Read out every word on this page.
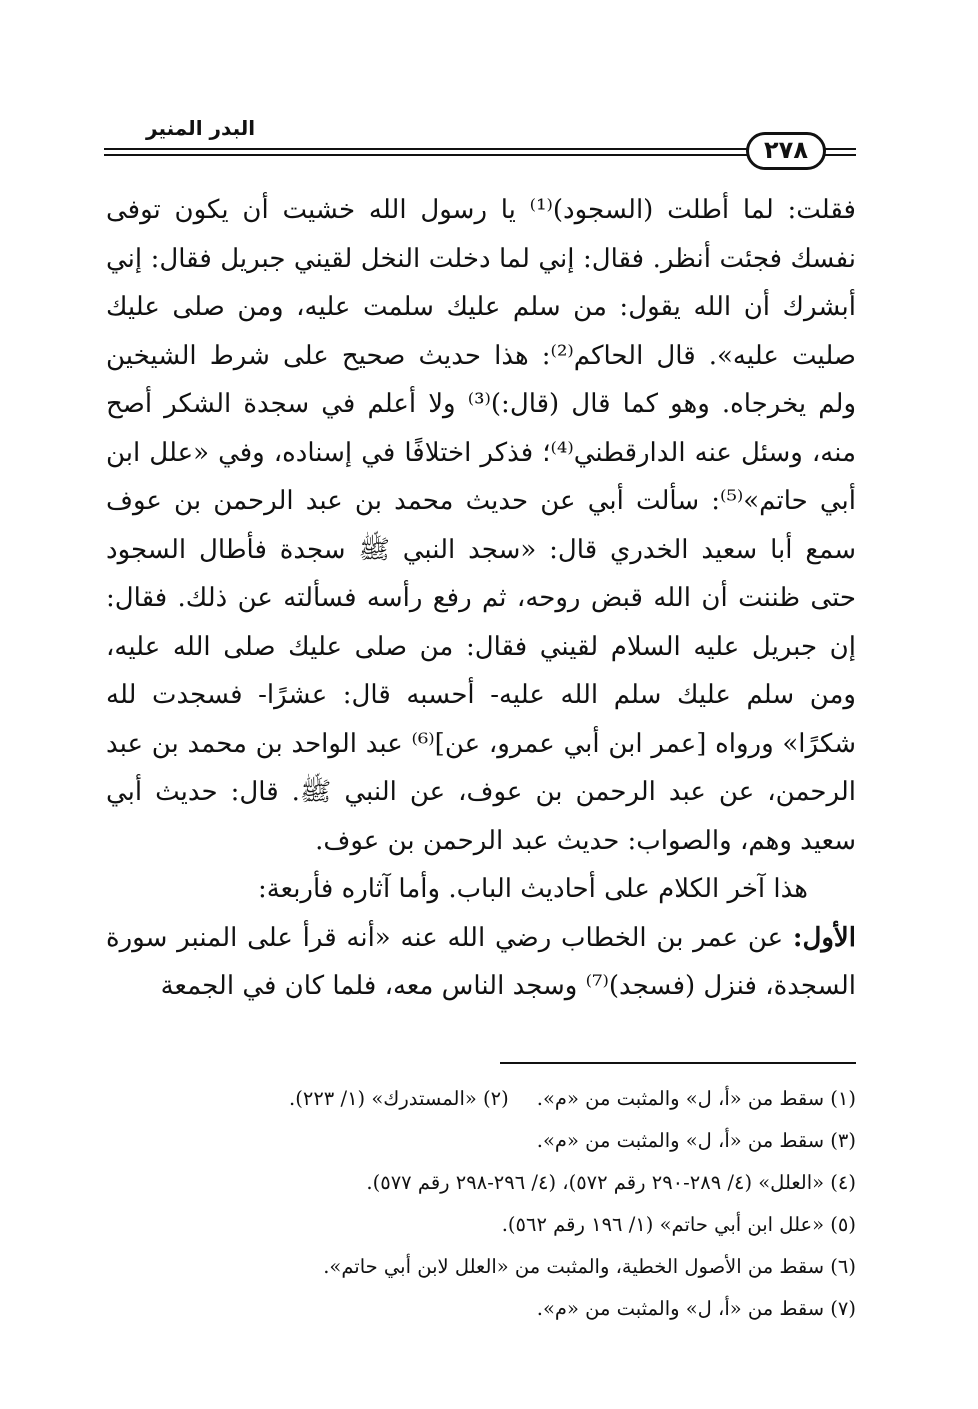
البدر المنير
٢٧٨

فقلت: لما أطلت (السجود)⁽¹⁾ يا رسول الله خشيت أن يكون توفى نفسك فجئت أنظر. فقال: إني لما دخلت النخل لقيني جبريل فقال: إني أبشرك أن الله يقول: من سلم عليك سلمت عليه، ومن صلى عليك صليت عليه». قال الحاكم⁽²⁾: هذا حديث صحيح على شرط الشيخين ولم يخرجاه. وهو كما قال (قال:)⁽³⁾ ولا أعلم في سجدة الشكر أصح منه، وسئل عنه الدارقطني⁽⁴⁾؛ فذكر اختلافًا في إسناده، وفي «علل ابن أبي حاتم»⁽⁵⁾: سألت أبي عن حديث محمد بن عبد الرحمن بن عوف سمع أبا سعيد الخدري قال: «سجد النبي ﷺ سجدة فأطال السجود حتى ظننت أن الله قبض روحه، ثم رفع رأسه فسألته عن ذلك. فقال: إن جبريل عليه السلام لقيني فقال: من صلى عليك صلى الله عليه، ومن سلم عليك سلم الله عليه- أحسبه قال: عشرًا- فسجدت لله شكرًا» ورواه [عمر ابن أبي عمرو، عن]⁽⁶⁾ عبد الواحد بن محمد بن عبد الرحمن، عن عبد الرحمن بن عوف، عن النبي ﷺ. قال: حديث أبي سعيد وهم، والصواب: حديث عبد الرحمن بن عوف.

هذا آخر الكلام على أحاديث الباب. وأما آثاره فأربعة:

الأول: عن عمر بن الخطاب رضي الله عنه «أنه قرأ على المنبر سورة السجدة، فنزل (فسجد)⁽⁷⁾ وسجد الناس معه، فلما كان في الجمعة

(١) سقط من «أ، ل» والمثبت من «م».(٢) «المستدرك» (١/ ٢٢٣).
(٣) سقط من «أ، ل» والمثبت من «م».
(٤) «العلل» (٤/ ٢٨٩-٢٩٠ رقم ٥٧٢)، (٤/ ٢٩٦-٢٩٨ رقم ٥٧٧).
(٥) «علل ابن أبي حاتم» (١/ ١٩٦ رقم ٥٦٢).
(٦) سقط من الأصول الخطية، والمثبت من «العلل لابن أبي حاتم».
(٧) سقط من «أ، ل» والمثبت من «م».
